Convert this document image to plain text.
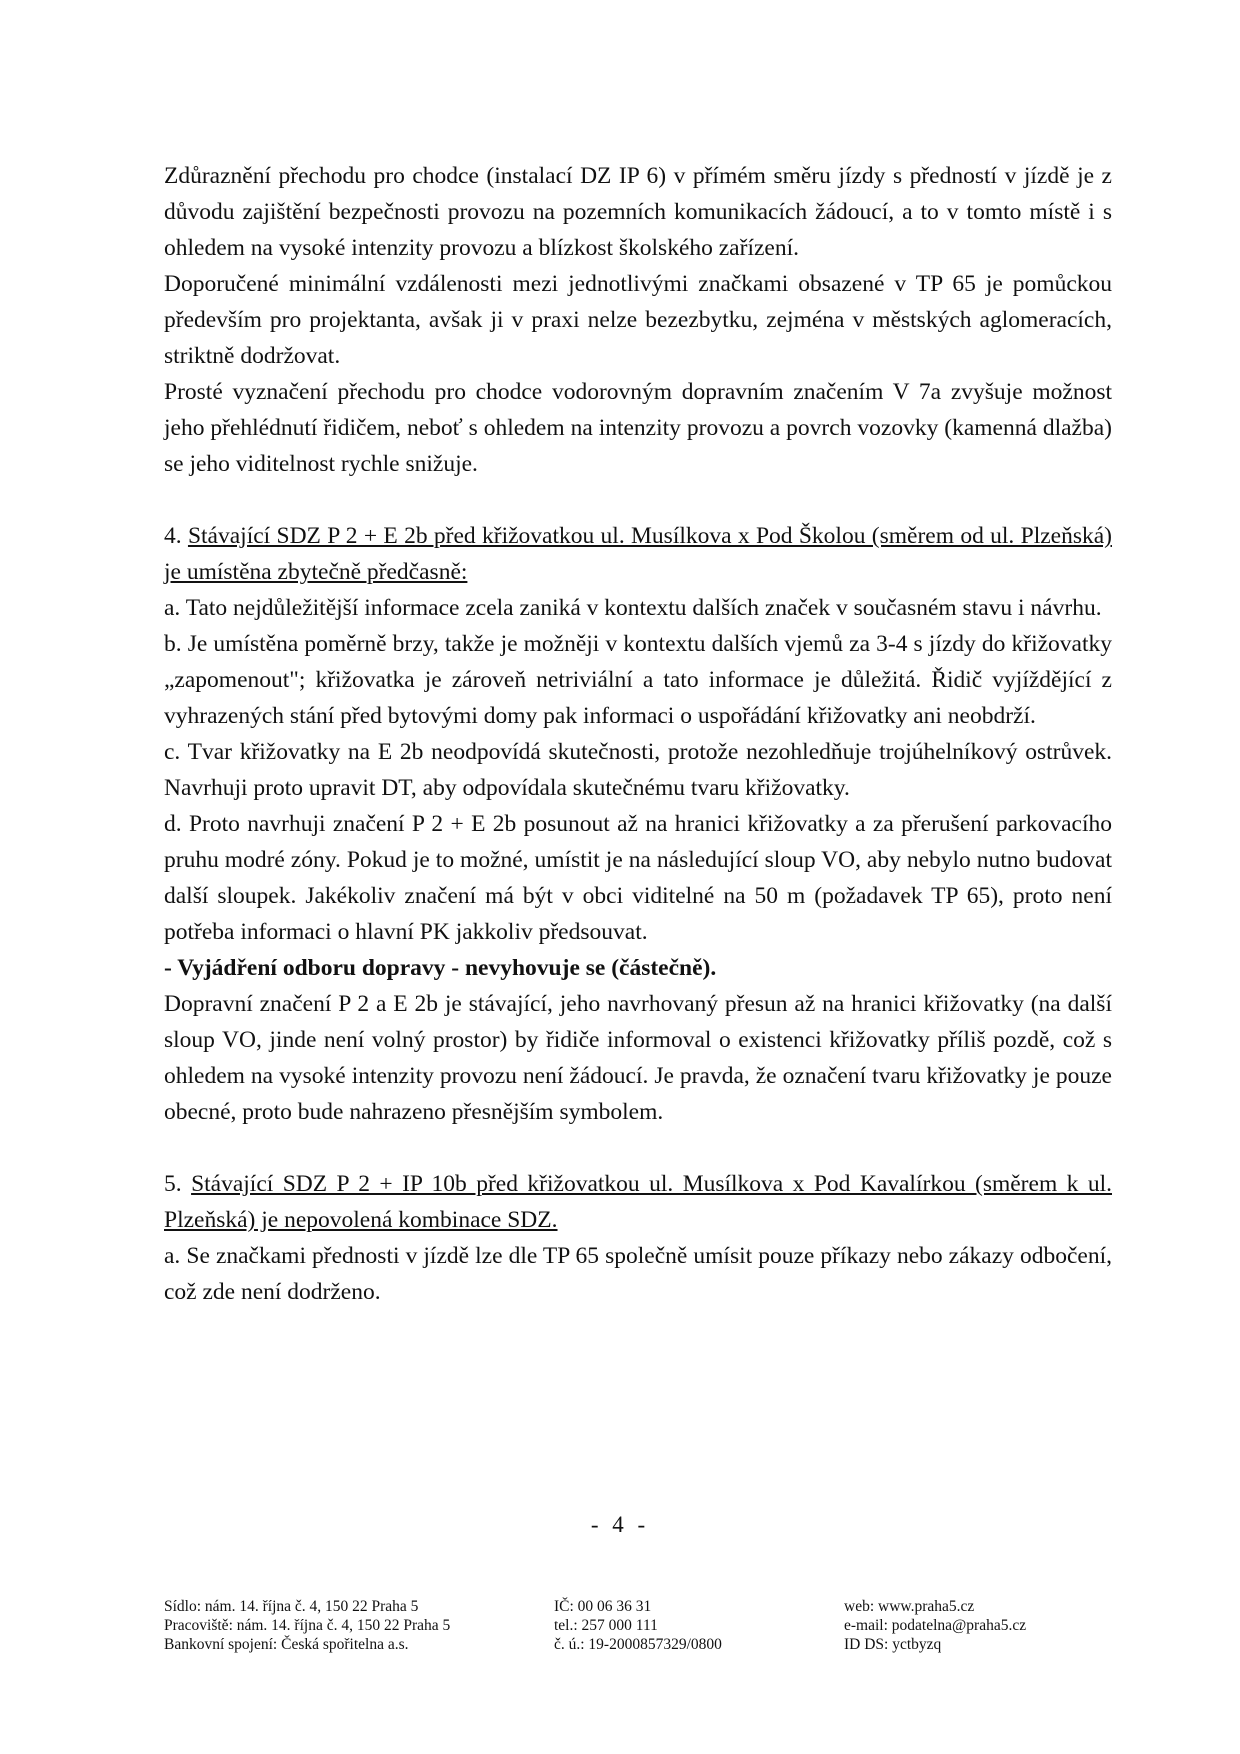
Zdůraznění přechodu pro chodce (instalací DZ IP 6) v přímém směru jízdy s předností v jízdě je z důvodu zajištění bezpečnosti provozu na pozemních komunikacích žádoucí, a to v tomto místě i s ohledem na vysoké intenzity provozu a blízkost školského zařízení.

Doporučené minimální vzdálenosti mezi jednotlivými značkami obsazené v TP 65 je pomůckou především pro projektanta, avšak ji v praxi nelze bezezbytku, zejména v městských aglomeracích, striktně dodržovat.

Prosté vyznačení přechodu pro chodce vodorovným dopravním značením V 7a zvyšuje možnost jeho přehlédnutí řidičem, neboť s ohledem na intenzity provozu a povrch vozovky (kamenná dlažba) se jeho viditelnost rychle snižuje.

4. Stávající SDZ P 2 + E 2b před křižovatkou ul. Musílkova x Pod Školou (směrem od ul. Plzeňská) je umístěna zbytečně předčasně:

a. Tato nejdůležitější informace zcela zaniká v kontextu dalších značek v současném stavu i návrhu.

b. Je umístěna poměrně brzy, takže je možněji v kontextu dalších vjemů za 3-4 s jízdy do křižovatky „zapomenout"; křižovatka je zároveň netriviální a tato informace je důležitá. Řidič vyjíždějící z vyhrazených stání před bytovými domy pak informaci o uspořádání křižovatky ani neobdrží.

c. Tvar křižovatky na E 2b neodpovídá skutečnosti, protože nezohledňuje trojúhelníkový ostrůvek. Navrhuji proto upravit DT, aby odpovídala skutečnému tvaru křižovatky.

d. Proto navrhuji značení P 2 + E 2b posunout až na hranici křižovatky a za přerušení parkovacího pruhu modré zóny. Pokud je to možné, umístit je na následující sloup VO, aby nebylo nutno budovat další sloupek. Jakékoliv značení má být v obci viditelné na 50 m (požadavek TP 65), proto není potřeba informaci o hlavní PK jakkoliv předsouvat.

- Vyjádření odboru dopravy - nevyhovuje se (částečně).

Dopravní značení P 2 a E 2b je stávající, jeho navrhovaný přesun až na hranici křižovatky (na další sloup VO, jinde není volný prostor) by řidiče informoval o existenci křižovatky příliš pozdě, což s ohledem na vysoké intenzity provozu není žádoucí. Je pravda, že označení tvaru křižovatky je pouze obecné, proto bude nahrazeno přesnějším symbolem.

5. Stávající SDZ P 2 + IP 10b před křižovatkou ul. Musílkova x Pod Kavalírkou (směrem k ul. Plzeňská) je nepovolená kombinace SDZ.

a. Se značkami přednosti v jízdě lze dle TP 65 společně umísit pouze příkazy nebo zákazy odbočení, což zde není dodrženo.

- 4 -
Sídlo: nám. 14. října č. 4, 150 22 Praha 5
Pracoviště: nám. 14. října č. 4, 150 22 Praha 5
Bankovní spojení: Česká spořitelna a.s.
IČ: 00 06 36 31
tel.: 257 000 111
č. ú.: 19-2000857329/0800
web: www.praha5.cz
e-mail: podatelna@praha5.cz
ID DS: yctbyzq
